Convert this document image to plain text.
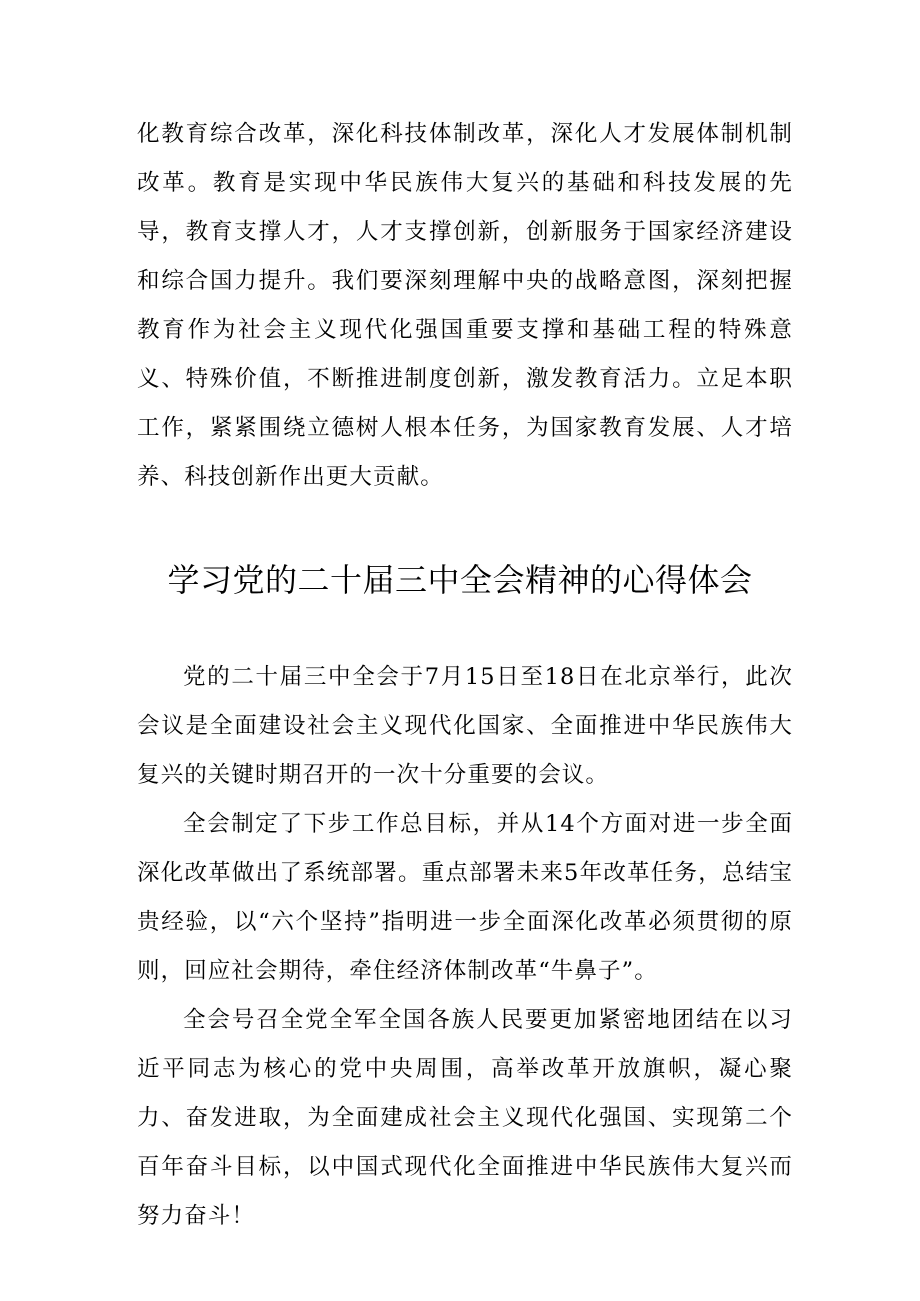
化教育综合改革，深化科技体制改革，深化人才发展体制机制改革。教育是实现中华民族伟大复兴的基础和科技发展的先导，教育支撑人才，人才支撑创新，创新服务于国家经济建设和综合国力提升。我们要深刻理解中央的战略意图，深刻把握教育作为社会主义现代化强国重要支撑和基础工程的特殊意义、特殊价值，不断推进制度创新，激发教育活力。立足本职工作，紧紧围绕立德树人根本任务，为国家教育发展、人才培养、科技创新作出更大贡献。

学习党的二十届三中全会精神的心得体会

党的二十届三中全会于7月15日至18日在北京举行，此次会议是全面建设社会主义现代化国家、全面推进中华民族伟大复兴的关键时期召开的一次十分重要的会议。

全会制定了下步工作总目标，并从14个方面对进一步全面深化改革做出了系统部署。重点部署未来5年改革任务，总结宝贵经验，以“六个坚持”指明进一步全面深化改革必须贯彻的原则，回应社会期待，牵住经济体制改革“牛鼻子”。

全会号召全党全军全国各族人民要更加紧密地团结在以习近平同志为核心的党中央周围，高举改革开放旗帜，凝心聚力、奋发进取，为全面建成社会主义现代化强国、实现第二个百年奋斗目标，以中国式现代化全面推进中华民族伟大复兴而努力奋斗！
